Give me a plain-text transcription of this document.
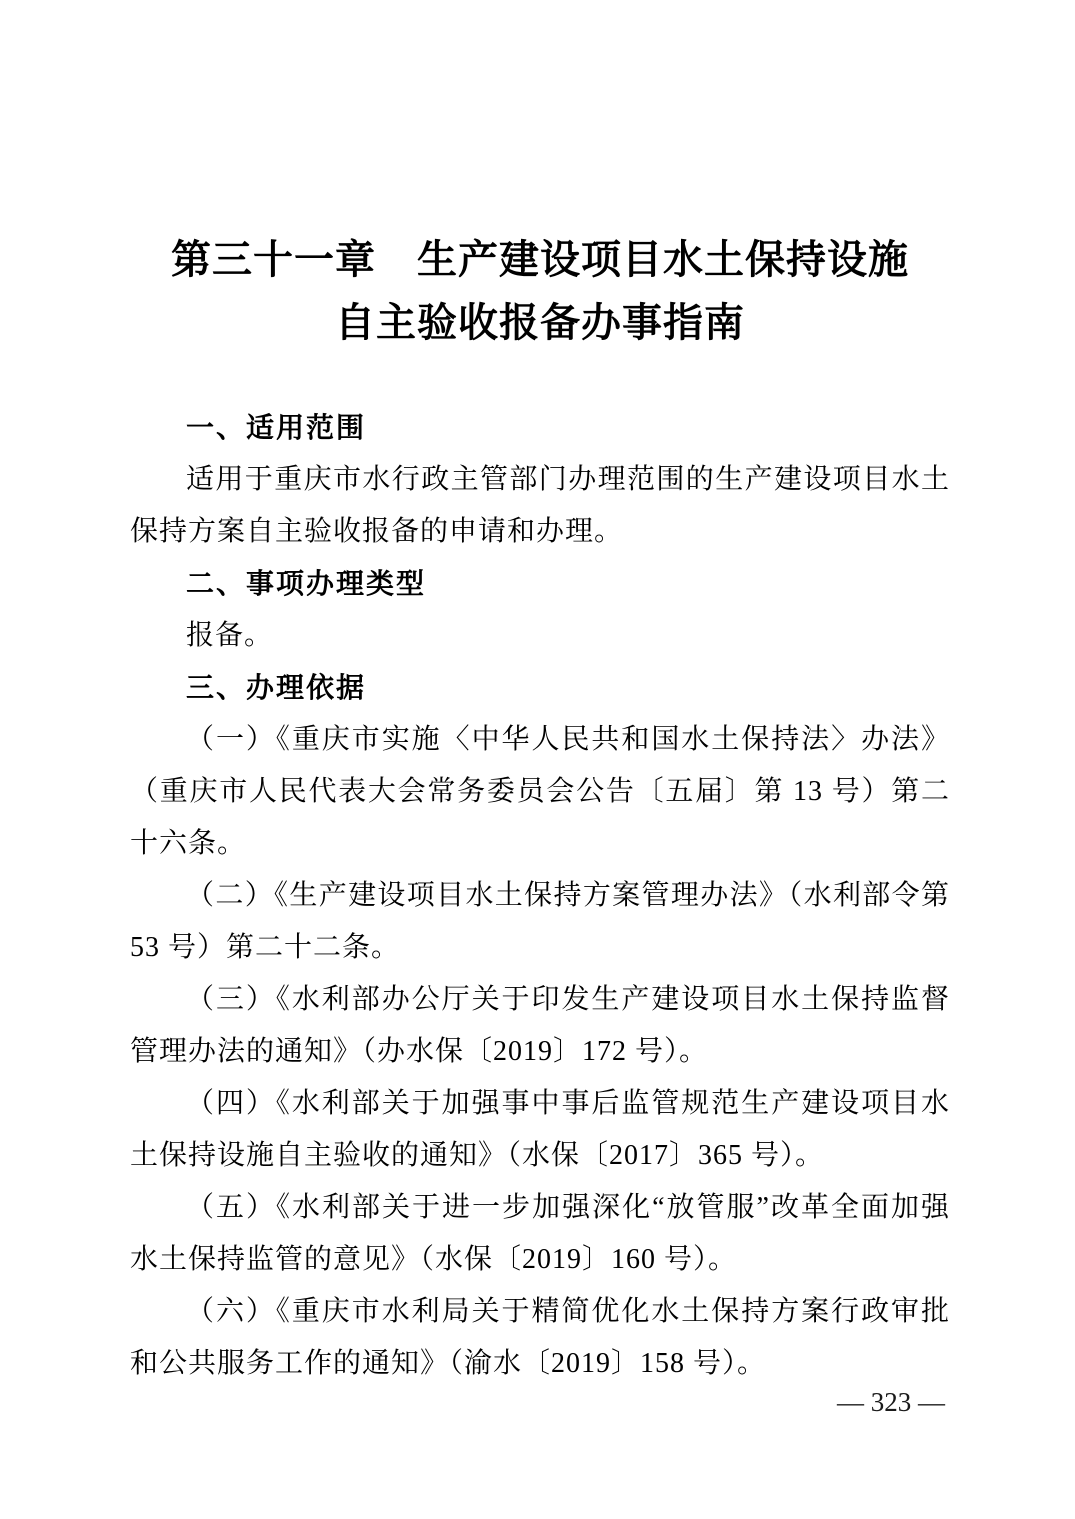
第三十一章　生产建设项目水土保持设施
自主验收报备办事指南
一、适用范围

适用于重庆市水行政主管部门办理范围的生产建设项目水土保持方案自主验收报备的申请和办理。

二、事项办理类型

报备。

三、办理依据

（一）《重庆市实施〈中华人民共和国水土保持法〉办法》（重庆市人民代表大会常务委员会公告〔五届〕第 13 号）第二十六条。

（二）《生产建设项目水土保持方案管理办法》（水利部令第 53 号）第二十二条。

（三）《水利部办公厅关于印发生产建设项目水土保持监督管理办法的通知》（办水保〔2019〕172 号）。

（四）《水利部关于加强事中事后监管规范生产建设项目水土保持设施自主验收的通知》（水保〔2017〕365 号）。

（五）《水利部关于进一步加强深化“放管服”改革全面加强水土保持监管的意见》（水保〔2019〕160 号）。

（六）《重庆市水利局关于精简优化水土保持方案行政审批和公共服务工作的通知》（渝水〔2019〕158 号）。

— 323 —
